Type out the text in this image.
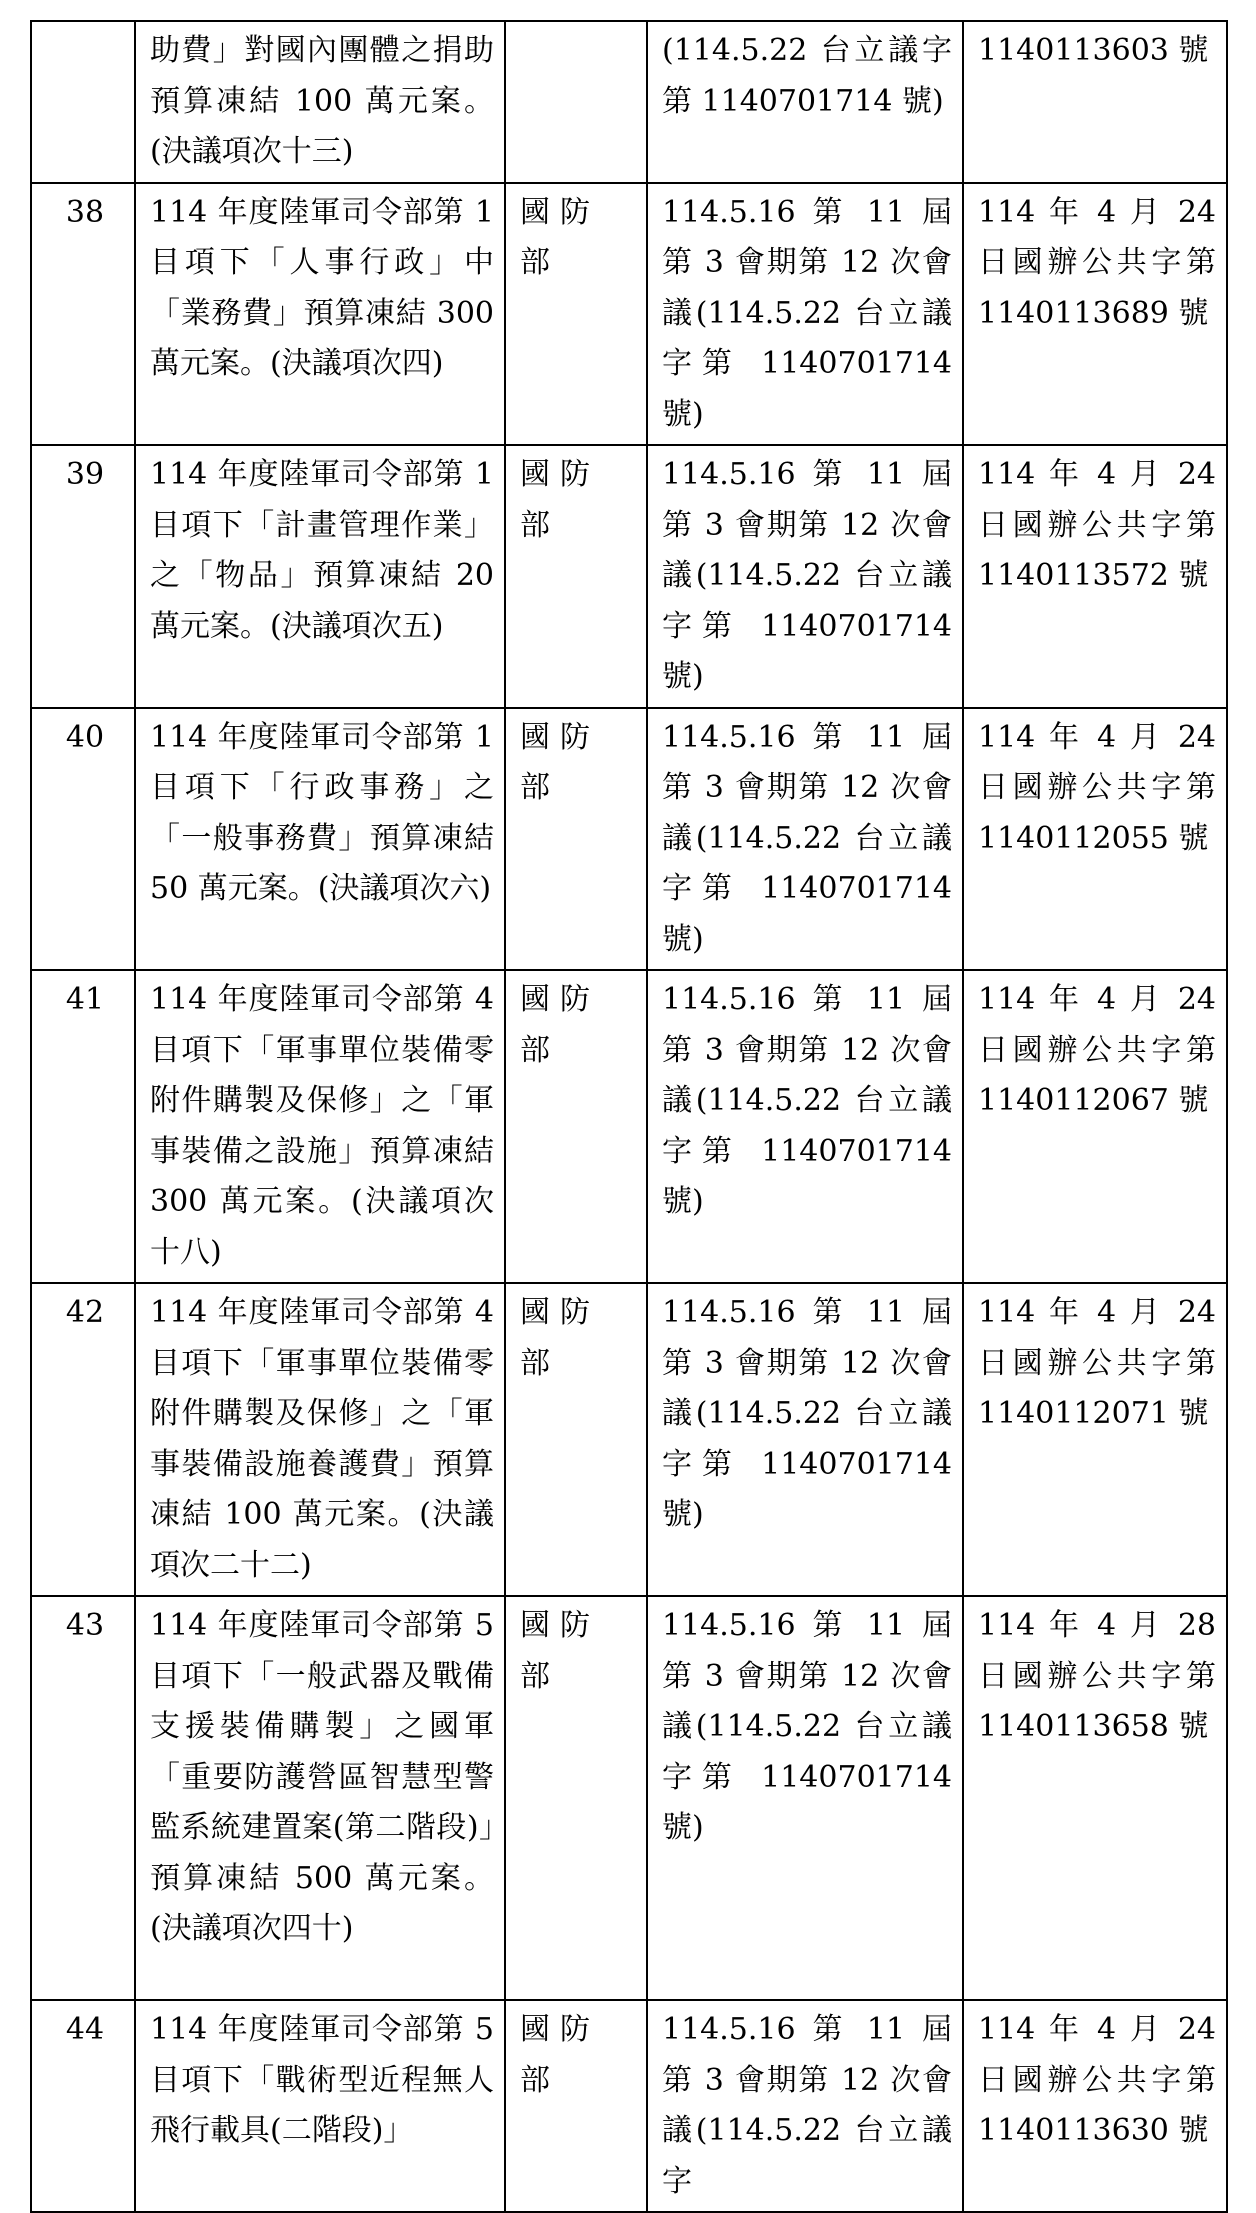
	助費」對國內團體之捐助預算凍結 100 萬元案。(決議項次十三)		(114.5.22 台立議字第 1140701714 號)	1140113603 號
38	114 年度陸軍司令部第 1 目項下「人事行政」中「業務費」預算凍結 300 萬元案。(決議項次四)	國防部	114.5.16 第 11 屆第 3 會期第 12 次會議(114.5.22 台立議字第 1140701714 號)	114 年 4 月 24 日國辦公共字第 1140113689 號
39	114 年度陸軍司令部第 1 目項下「計畫管理作業」之「物品」預算凍結 20 萬元案。(決議項次五)	國防部	114.5.16 第 11 屆第 3 會期第 12 次會議(114.5.22 台立議字第 1140701714 號)	114 年 4 月 24 日國辦公共字第 1140113572 號
40	114 年度陸軍司令部第 1 目項下「行政事務」之「一般事務費」預算凍結 50 萬元案。(決議項次六)	國防部	114.5.16 第 11 屆第 3 會期第 12 次會議(114.5.22 台立議字第 1140701714 號)	114 年 4 月 24 日國辦公共字第 1140112055 號
41	114 年度陸軍司令部第 4 目項下「軍事單位裝備零附件購製及保修」之「軍事裝備之設施」預算凍結 300 萬元案。(決議項次十八)	國防部	114.5.16 第 11 屆第 3 會期第 12 次會議(114.5.22 台立議字第 1140701714 號)	114 年 4 月 24 日國辦公共字第 1140112067 號
42	114 年度陸軍司令部第 4 目項下「軍事單位裝備零附件購製及保修」之「軍事裝備設施養護費」預算凍結 100 萬元案。(決議項次二十二)	國防部	114.5.16 第 11 屆第 3 會期第 12 次會議(114.5.22 台立議字第 1140701714 號)	114 年 4 月 24 日國辦公共字第 1140112071 號
43	114 年度陸軍司令部第 5 目項下「一般武器及戰備支援裝備購製」之國軍「重要防護營區智慧型警監系統建置案(第二階段)」預算凍結 500 萬元案。(決議項次四十)	國防部	114.5.16 第 11 屆第 3 會期第 12 次會議(114.5.22 台立議字第 1140701714 號)	114 年 4 月 28 日國辦公共字第 1140113658 號
44	114 年度陸軍司令部第 5 目項下「戰術型近程無人飛行載具(二階段)」	國防部	114.5.16 第 11 屆第 3 會期第 12 次會議(114.5.22 台立議字	114 年 4 月 24 日國辦公共字第 1140113630 號
